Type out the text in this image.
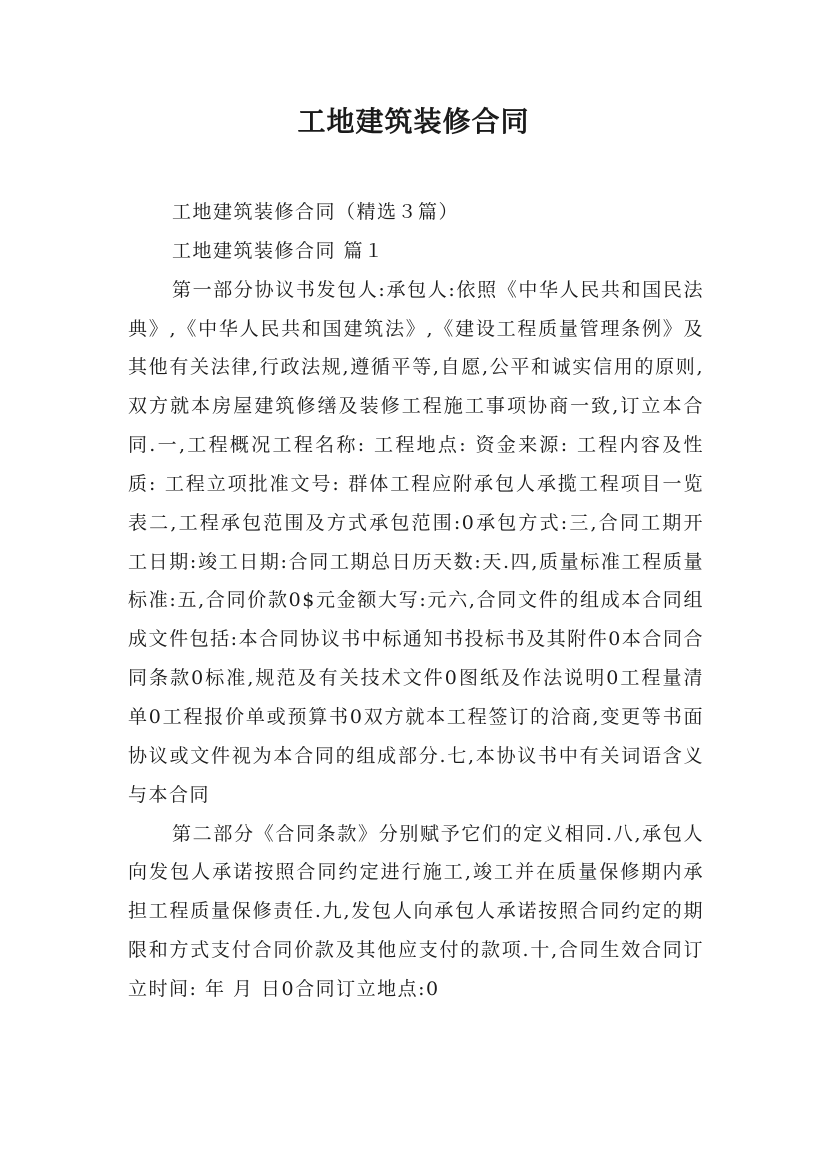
工地建筑装修合同

工地建筑装修合同（精选３篇）

工地建筑装修合同 篇１

第一部分协议书发包人:承包人:依照《中华人民共和国民法典》,《中华人民共和国建筑法》,《建设工程质量管理条例》及其他有关法律,行政法规,遵循平等,自愿,公平和诚实信用的原则,双方就本房屋建筑修缮及装修工程施工事项协商一致,订立本合同.一,工程概况工程名称: 工程地点: 资金来源: 工程内容及性质: 工程立项批准文号: 群体工程应附承包人承揽工程项目一览表二,工程承包范围及方式承包范围:0承包方式:三,合同工期开工日期:竣工日期:合同工期总日历天数:天.四,质量标准工程质量标准:五,合同价款0$元金额大写:元六,合同文件的组成本合同组成文件包括:本合同协议书中标通知书投标书及其附件0本合同合同条款0标准,规范及有关技术文件0图纸及作法说明0工程量清单0工程报价单或预算书0双方就本工程签订的洽商,变更等书面协议或文件视为本合同的组成部分.七,本协议书中有关词语含义与本合同

第二部分《合同条款》分别赋予它们的定义相同.八,承包人向发包人承诺按照合同约定进行施工,竣工并在质量保修期内承担工程质量保修责任.九,发包人向承包人承诺按照合同约定的期限和方式支付合同价款及其他应支付的款项.十,合同生效合同订立时间: 年 月 日0合同订立地点:0
